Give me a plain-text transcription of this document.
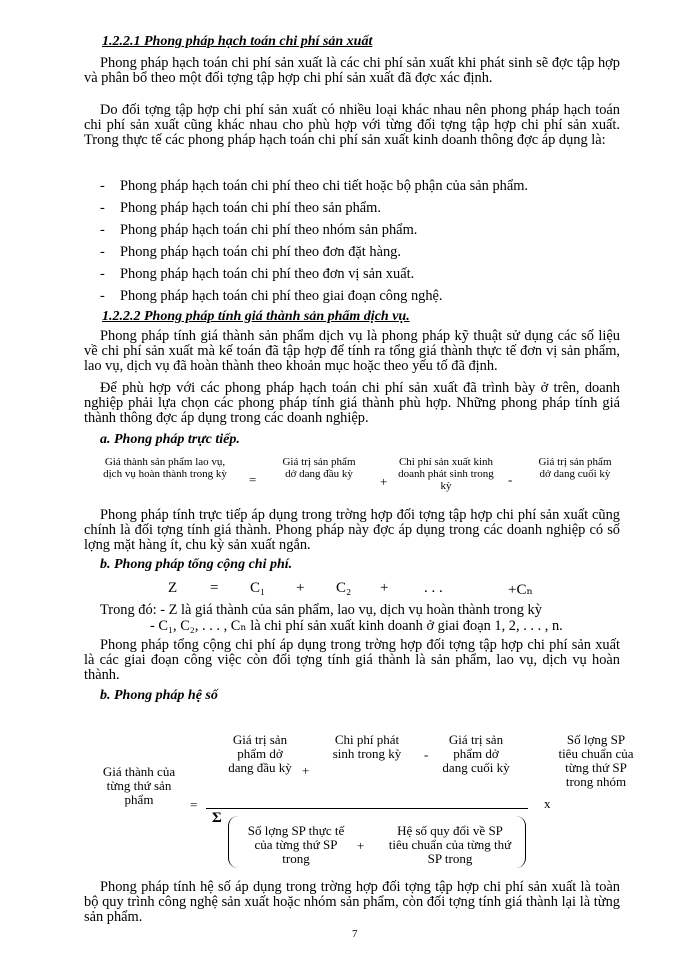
1.2.2.1 Phong pháp hạch toán chi phí sản xuất
Phong pháp hạch toán chi phí sản xuất là các chi phí sản xuất khi phát sinh sẽ đợc tập hợp và phân bổ theo một đối tợng tập hợp chi phí sản xuất đã đợc xác định.
Do đối tợng tập hợp chi phí sản xuất có nhiều loại khác nhau nên phong pháp hạch toán chi phí sản xuất cũng khác nhau cho phù hợp với từng đối tợng tập hợp chi phí sản xuất. Trong thực tế các phong pháp hạch toán chi phí sản xuất kinh doanh thông đợc áp dụng là:
- Phong pháp hạch toán chi phí theo chi tiết hoặc bộ phận của sản phẩm.
- Phong pháp hạch toán chi phí theo sản phẩm.
- Phong pháp hạch toán chi phí theo nhóm sản phẩm.
- Phong pháp hạch toán chi phí theo đơn đặt hàng.
- Phong pháp hạch toán chi phí theo đơn vị sản xuất.
- Phong pháp hạch toán chi phí theo giai đoạn công nghệ.
1.2.2.2 Phong pháp tính giá thành sản phẩm dịch vụ.
Phong pháp tính giá thành sản phẩm dịch vụ là phong pháp kỹ thuật sử dụng các số liệu về chi phí sản xuất mà kế toán đã tập hợp để tính ra tổng giá thành thực tế đơn vị sản phẩm, lao vụ, dịch vụ đã hoàn thành theo khoản mục hoặc theo yếu tố đã định.
Để phù hợp với các phong pháp hạch toán chi phí sản xuất đã trình bày ở trên, doanh nghiệp phải lựa chọn các phong pháp tính giá thành phù hợp. Những phong pháp tính giá thành thông đợc áp dụng trong các doanh nghiệp.
a. Phong pháp trực tiếp.
Giá thành sản phẩm lao vụ, dịch vụ hoàn thành trong kỳ =
Giá trị sản phẩm dở dang đầu kỳ	+
Chi phí sản xuất kinh doanh phát sinh trong kỳ	-
Giá trị sản phẩm dở dang cuối kỳ
Phong pháp tính trực tiếp áp dụng trong trờng hợp đối tợng tập hợp chi phí sản xuất cũng chính là đối tợng tính giá thành. Phong pháp này đợc áp dụng trong các doanh nghiệp có số lợng mặt hàng ít, chu kỳ sản xuất ngắn.
b. Phong pháp tổng cộng chi phí.
Z = C₁ + C₂ + . . .	+Cₙ
Trong đó: - Z là giá thành của sản phẩm, lao vụ, dịch vụ hoàn thành trong kỳ
- C₁, C₂, . . . , Cₙ là chi phí sản xuất kinh doanh ở giai đoạn 1, 2, . . . , n.
Phong pháp tổng cộng chi phí áp dụng trong trờng hợp đối tợng tập hợp chi phí sản xuất là các giai đoạn công việc còn đối tợng tính giá thành là sản phẩm, lao vụ, dịch vụ hoàn thành.
b. Phong pháp hệ số
Giá thành của từng thứ sản phẩm	=
Giá trị sản phẩm dở dang đầu kỳ +
Chi phí phát sinh trong kỳ -
Giá trị sản phẩm dở dang cuối kỳ
Σ
Số lợng SP thực tế của từng thứ SP trong
+
Hệ số quy đổi về SP tiêu chuẩn của từng thứ SP trong
x
Số lợng SP tiêu chuẩn của từng thứ SP trong nhóm
Phong pháp tính hệ số áp dụng trong trờng hợp đối tợng tập hợp chi phí sản xuất là toàn bộ quy trình công nghệ sản xuất hoặc nhóm sản phẩm, còn đối tợng tính giá thành lại là từng sản phẩm.
7
